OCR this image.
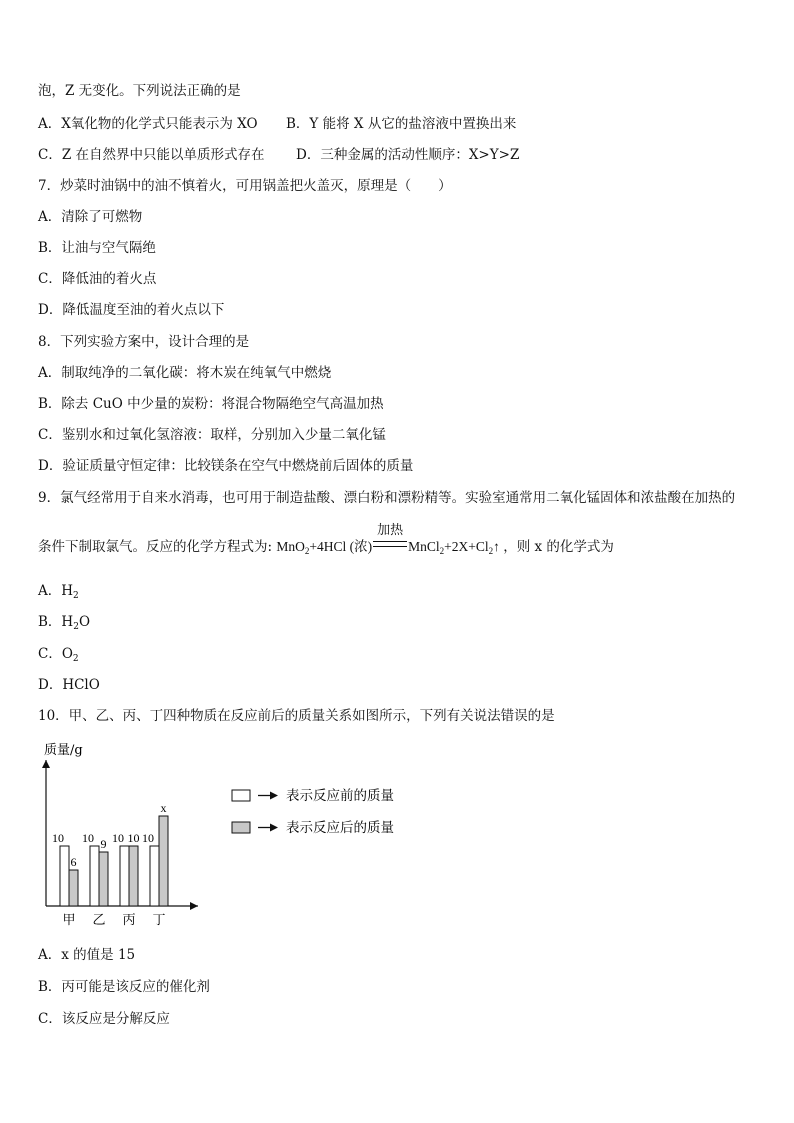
泡，Z 无变化。下列说法正确的是
A．X氧化物的化学式只能表示为 XO B．Y 能将 X 从它的盐溶液中置换出来
C．Z 在自然界中只能以单质形式存在 D．三种金属的活动性顺序：X>Y>Z
7．炒菜时油锅中的油不慎着火，可用锅盖把火盖灭，原理是（　　）
A．清除了可燃物
B．让油与空气隔绝
C．降低油的着火点
D．降低温度至油的着火点以下
8．下列实验方案中，设计合理的是
A．制取纯净的二氧化碳：将木炭在纯氧气中燃烧
B．除去 CuO 中少量的炭粉：将混合物隔绝空气高温加热
C．鉴别水和过氧化氢溶液：取样，分别加入少量二氧化锰
D．验证质量守恒定律：比较镁条在空气中燃烧前后固体的质量
9．氯气经常用于自来水消毒，也可用于制造盐酸、漂白粉和漂粉精等。实验室通常用二氧化锰固体和浓盐酸在加热的
条件下制取氯气。反应的化学方程式为: MnO$_2$+4HCl (浓)
加热
$MnCl_2+2X+Cl_2↑$ ，则 x 的化学式为
A．$H_2$
B．$H_2O$
C．$O_2$
D．HClO
10．甲、乙、丙、丁四种物质在反应前后的质量关系如图所示，下列有关说法错误的是
质量/g
10
6
甲
10 9
乙
10 10
丙
10
x
丁
表示反应前的质量
表示反应后的质量
A．x 的值是 15
B．丙可能是该反应的催化剂
C．该反应是分解反应
